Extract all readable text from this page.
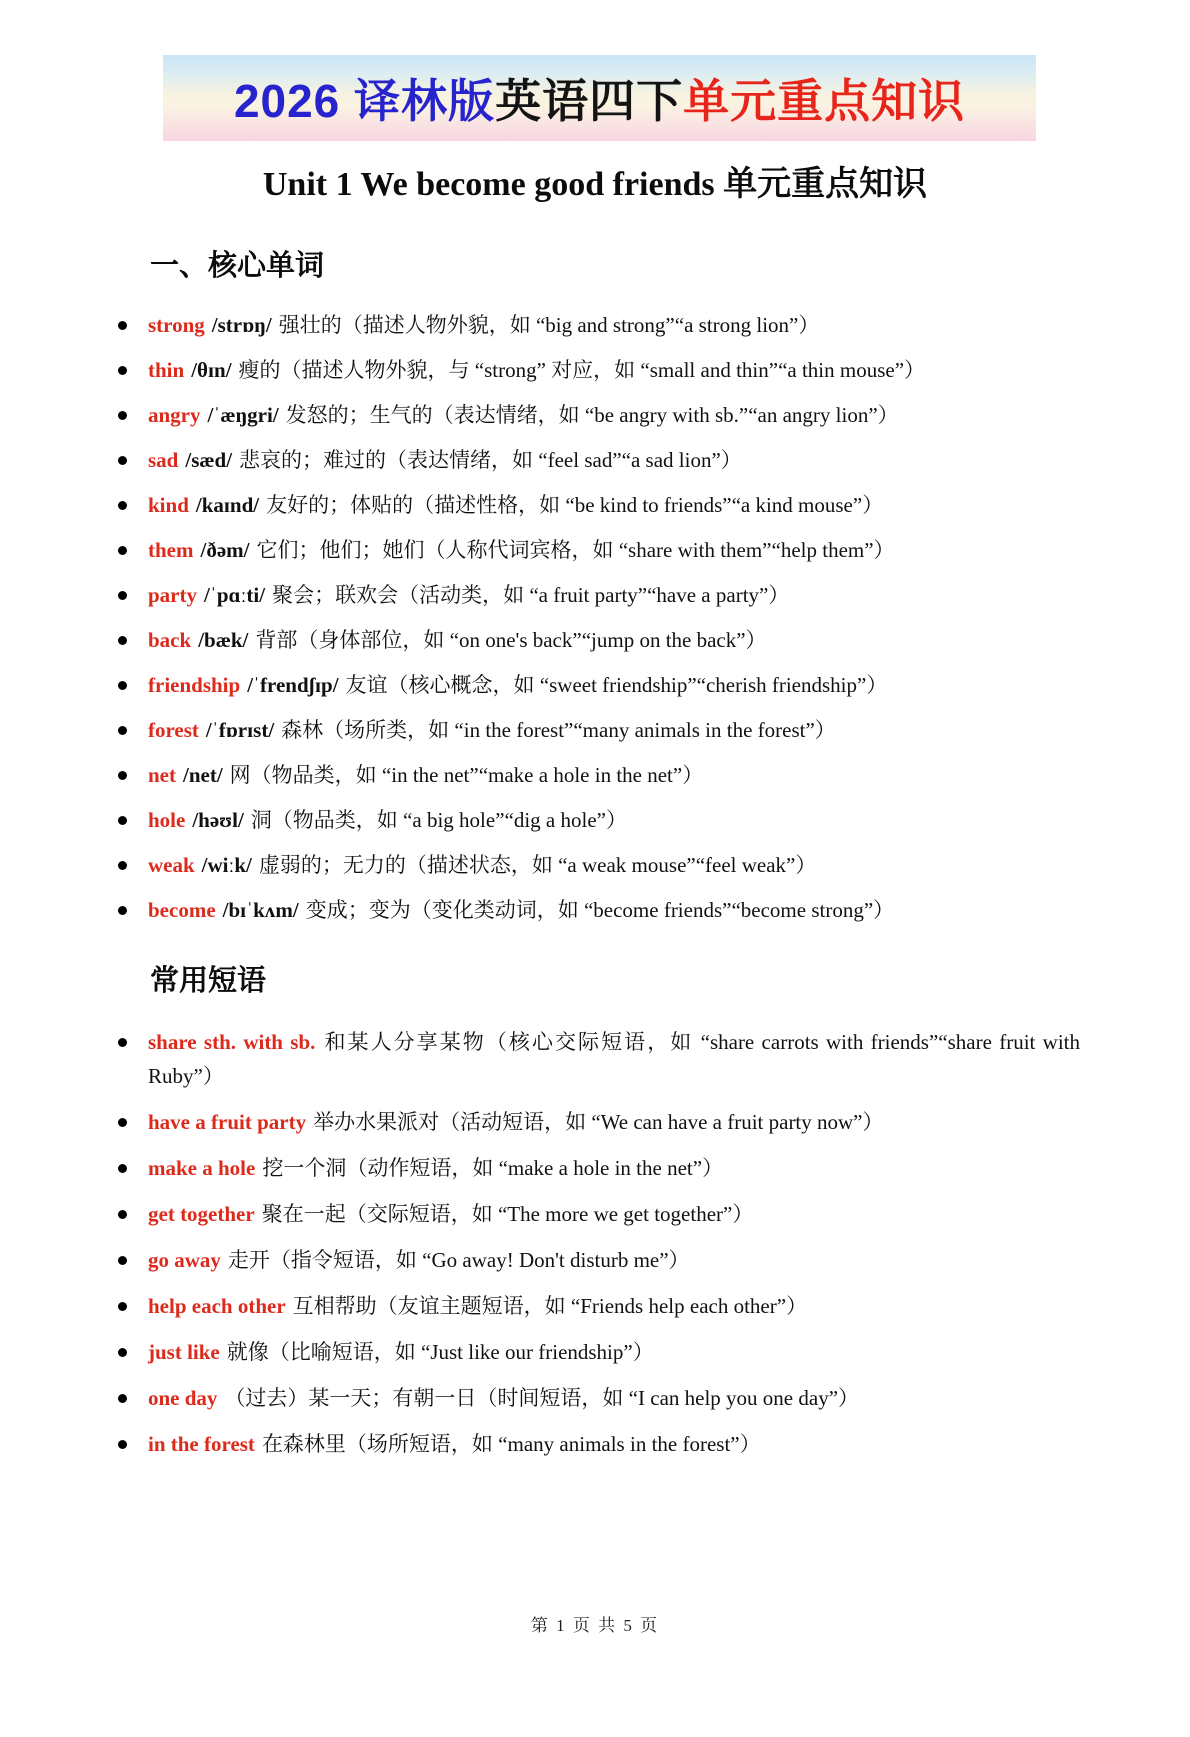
2026 译林版 英语四下 单元重点知识
Unit 1 We become good friends 单元重点知识
一、核心单词
strong /strɒŋ/ 强壮的（描述人物外貌，如 “big and strong”“a strong lion”）
thin /θɪn/ 瘦的（描述人物外貌，与 “strong” 对应，如 “small and thin”“a thin mouse”）
angry /ˈæŋgri/ 发怒的；生气的（表达情绪，如 “be angry with sb.”“an angry lion”）
sad /sæd/ 悲哀的；难过的（表达情绪，如 “feel sad”“a sad lion”）
kind /kaɪnd/ 友好的；体贴的（描述性格，如 “be kind to friends”“a kind mouse”）
them /ðəm/ 它们；他们；她们（人称代词宾格，如 “share with them”“help them”）
party /ˈpɑːti/ 聚会；联欢会（活动类，如 “a fruit party”“have a party”）
back /bæk/ 背部（身体部位，如 “on one's back”“jump on the back”）
friendship /ˈfrendʃɪp/ 友谊（核心概念，如 “sweet friendship”“cherish friendship”）
forest /ˈfɒrɪst/ 森林（场所类，如 “in the forest”“many animals in the forest”）
net /net/ 网（物品类，如 “in the net”“make a hole in the net”）
hole /həʊl/ 洞（物品类，如 “a big hole”“dig a hole”）
weak /wiːk/ 虚弱的；无力的（描述状态，如 “a weak mouse”“feel weak”）
become /bɪˈkʌm/ 变成；变为（变化类动词，如 “become friends”“become strong”）
常用短语
share sth. with sb. 和某人分享某物（核心交际短语，如 “share carrots with friends”“share fruit with Ruby”）
have a fruit party 举办水果派对（活动短语，如 “We can have a fruit party now”）
make a hole 挖一个洞（动作短语，如 “make a hole in the net”）
get together 聚在一起（交际短语，如 “The more we get together”）
go away 走开（指令短语，如 “Go away! Don't disturb me”）
help each other 互相帮助（友谊主题短语，如 “Friends help each other”）
just like 就像（比喻短语，如 “Just like our friendship”）
one day （过去）某一天；有朝一日（时间短语，如 “I can help you one day”）
in the forest 在森林里（场所短语，如 “many animals in the forest”）
第 1 页 共 5 页
